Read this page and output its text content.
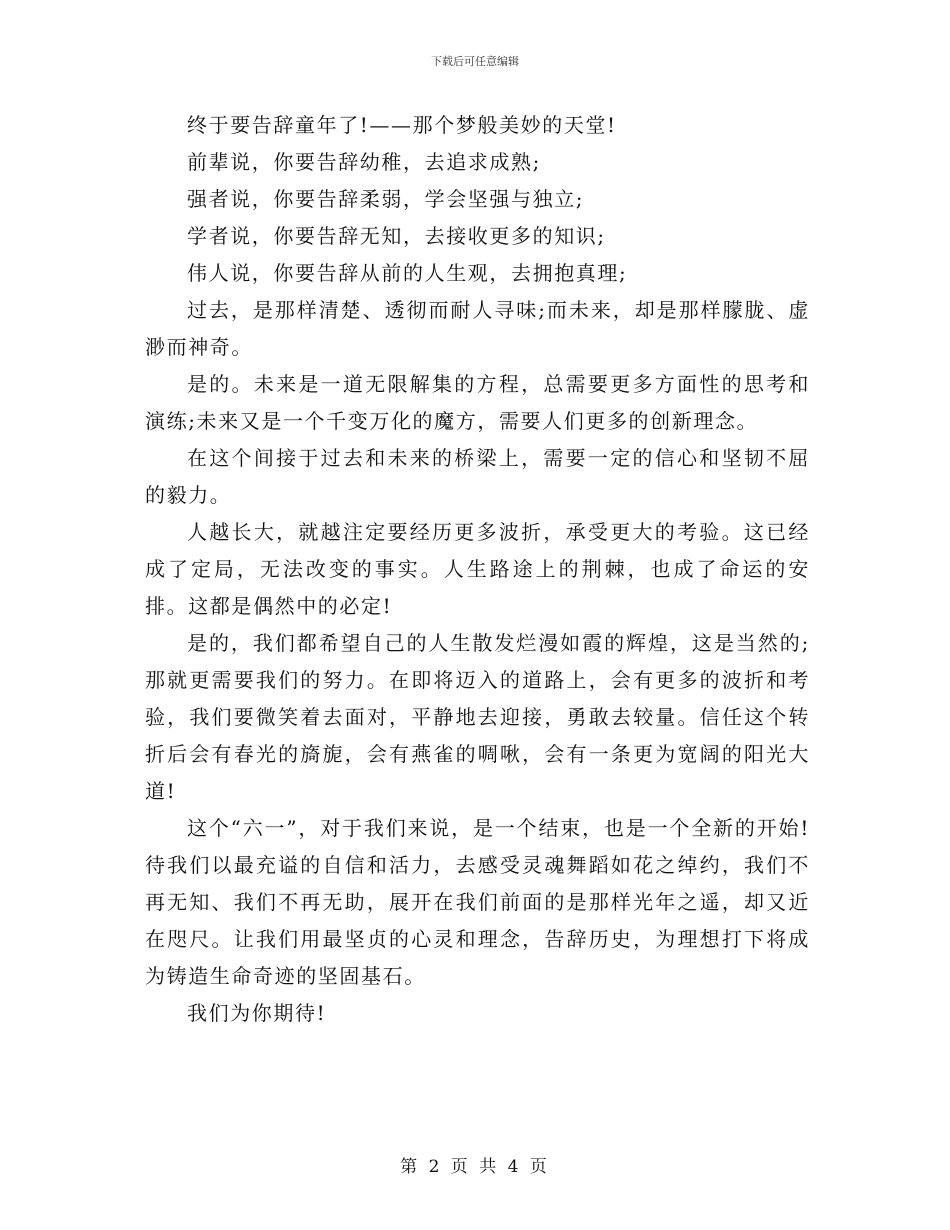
下载后可任意编辑

终于要告辞童年了!——那个梦般美妙的天堂!

前辈说，你要告辞幼稚，去追求成熟;

强者说，你要告辞柔弱，学会坚强与独立;

学者说，你要告辞无知，去接收更多的知识;

伟人说，你要告辞从前的人生观，去拥抱真理;

过去，是那样清楚、透彻而耐人寻味;而未来，却是那样朦胧、虚渺而神奇。

是的。未来是一道无限解集的方程，总需要更多方面性的思考和演练;未来又是一个千变万化的魔方，需要人们更多的创新理念。

在这个间接于过去和未来的桥梁上，需要一定的信心和坚韧不屈的毅力。

人越长大，就越注定要经历更多波折，承受更大的考验。这已经成了定局，无法改变的事实。人生路途上的荆棘，也成了命运的安排。这都是偶然中的必定!

是的，我们都希望自己的人生散发烂漫如霞的辉煌，这是当然的;那就更需要我们的努力。在即将迈入的道路上，会有更多的波折和考验，我们要微笑着去面对，平静地去迎接，勇敢去较量。信任这个转折后会有春光的旖旎，会有燕雀的啁啾，会有一条更为宽阔的阳光大道!

这个“六一”，对于我们来说，是一个结束，也是一个全新的开始!待我们以最充谥的自信和活力，去感受灵魂舞蹈如花之绰约，我们不再无知、我们不再无助，展开在我们前面的是那样光年之遥，却又近在咫尺。让我们用最坚贞的心灵和理念，告辞历史，为理想打下将成为铸造生命奇迹的坚固基石。

我们为你期待!

第 2 页 共 4 页
